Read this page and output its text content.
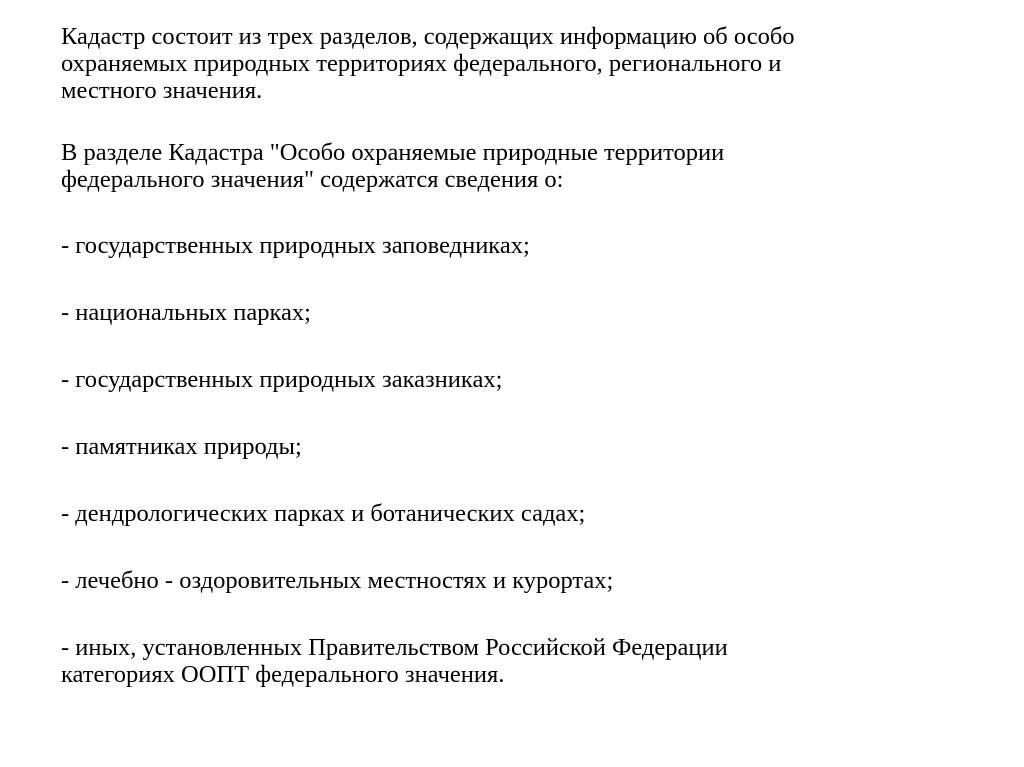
Кадастр состоит из трех разделов, содержащих информацию об особо
охраняемых природных территориях федерального, регионального и
местного значения.

В разделе Кадастра "Особо охраняемые природные территории
федерального значения" содержатся сведения о:

- государственных природных заповедниках;

- национальных парках;

- государственных природных заказниках;

- памятниках природы;

- дендрологических парках и ботанических садах;

- лечебно - оздоровительных местностях и курортах;

- иных, установленных Правительством Российской Федерации
категориях ООПТ федерального значения.
